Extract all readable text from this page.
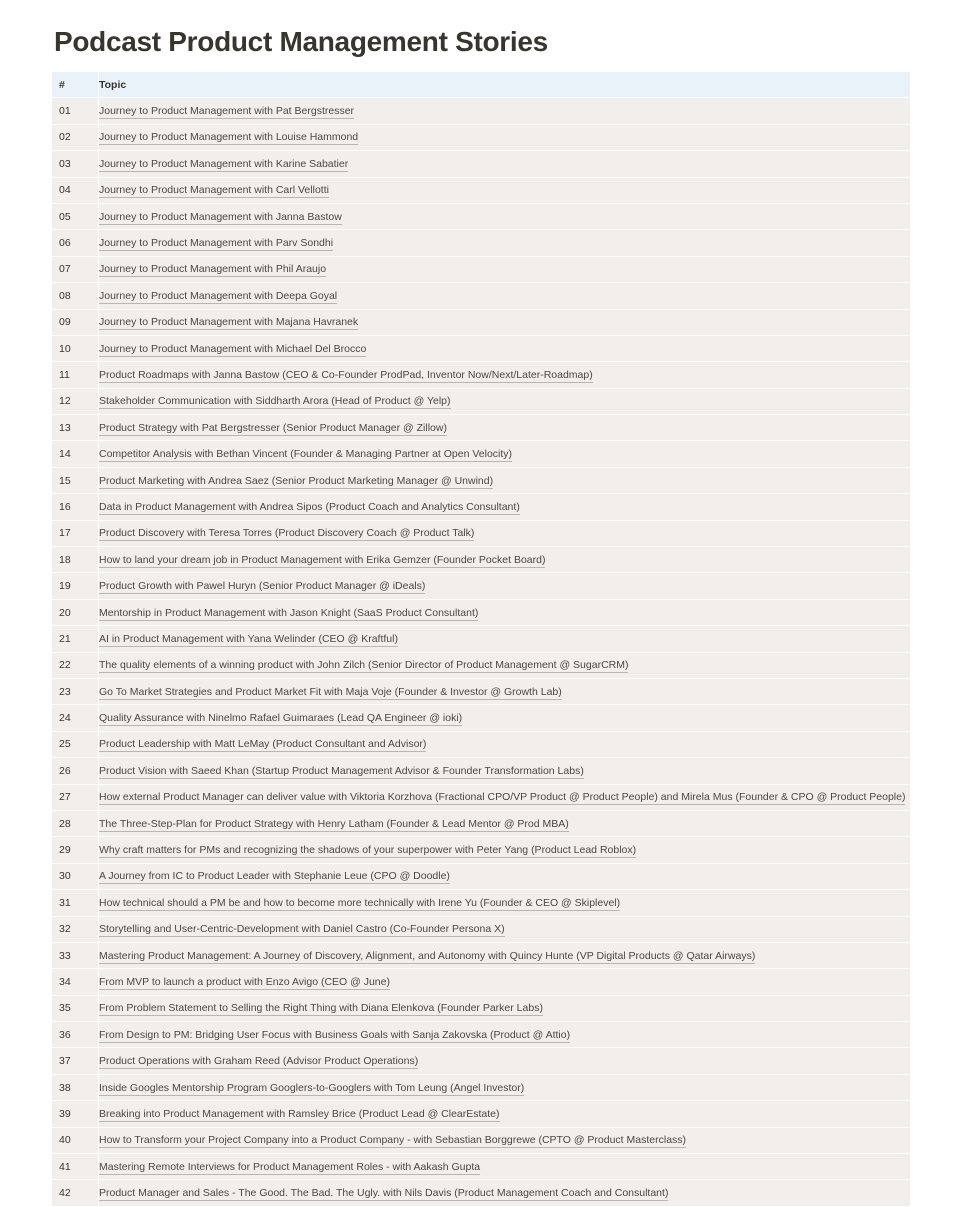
Podcast Product Management Stories
#	Topic
01	Journey to Product Management with Pat Bergstresser
02	Journey to Product Management with Louise Hammond
03	Journey to Product Management with Karine Sabatier
04	Journey to Product Management with Carl Vellotti
05	Journey to Product Management with Janna Bastow
06	Journey to Product Management with Parv Sondhi
07	Journey to Product Management with Phil Araujo
08	Journey to Product Management with Deepa Goyal
09	Journey to Product Management with Majana Havranek
10	Journey to Product Management with Michael Del Brocco
11	Product Roadmaps with Janna Bastow (CEO & Co-Founder ProdPad, Inventor Now/Next/Later-Roadmap)
12	Stakeholder Communication with Siddharth Arora (Head of Product @ Yelp)
13	Product Strategy with Pat Bergstresser (Senior Product Manager @ Zillow)
14	Competitor Analysis with Bethan Vincent (Founder & Managing Partner at Open Velocity)
15	Product Marketing with Andrea Saez (Senior Product Marketing Manager @ Unwind)
16	Data in Product Management with Andrea Sipos (Product Coach and Analytics Consultant)
17	Product Discovery with Teresa Torres (Product Discovery Coach @ Product Talk)
18	How to land your dream job in Product Management with Erika Gemzer (Founder Pocket Board)
19	Product Growth with Pawel Huryn (Senior Product Manager @ iDeals)
20	Mentorship in Product Management with Jason Knight (SaaS Product Consultant)
21	AI in Product Management with Yana Welinder (CEO @ Kraftful)
22	The quality elements of a winning product with John Zilch (Senior Director of Product Management @ SugarCRM)
23	Go To Market Strategies and Product Market Fit with Maja Voje (Founder & Investor @ Growth Lab)
24	Quality Assurance with Ninelmo Rafael Guimaraes (Lead QA Engineer @ ioki)
25	Product Leadership with Matt LeMay (Product Consultant and Advisor)
26	Product Vision with Saeed Khan (Startup Product Management Advisor & Founder Transformation Labs)
27	How external Product Manager can deliver value with Viktoria Korzhova (Fractional CPO/VP Product @ Product People) and Mirela Mus (Founder & CPO @ Product People)
28	The Three-Step-Plan for Product Strategy with Henry Latham (Founder & Lead Mentor @ Prod MBA)
29	Why craft matters for PMs and recognizing the shadows of your superpower with Peter Yang (Product Lead Roblox)
30	A Journey from IC to Product Leader with Stephanie Leue (CPO @ Doodle)
31	How technical should a PM be and how to become more technically with Irene Yu (Founder & CEO @ Skiplevel)
32	Storytelling and User-Centric-Development with Daniel Castro (Co-Founder Persona X)
33	Mastering Product Management: A Journey of Discovery, Alignment, and Autonomy with Quincy Hunte (VP Digital Products @ Qatar Airways)
34	From MVP to launch a product with Enzo Avigo (CEO @ June)
35	From Problem Statement to Selling the Right Thing with Diana Elenkova (Founder Parker Labs)
36	From Design to PM: Bridging User Focus with Business Goals with Sanja Zakovska (Product @ Attio)
37	Product Operations with Graham Reed (Advisor Product Operations)
38	Inside Googles Mentorship Program Googlers-to-Googlers with Tom Leung (Angel Investor)
39	Breaking into Product Management with Ramsley Brice (Product Lead @ ClearEstate)
40	How to Transform your Project Company into a Product Company - with Sebastian Borggrewe (CPTO @ Product Masterclass)
41	Mastering Remote Interviews for Product Management Roles - with Aakash Gupta
42	Product Manager and Sales - The Good. The Bad. The Ugly. with Nils Davis (Product Management Coach and Consultant)
